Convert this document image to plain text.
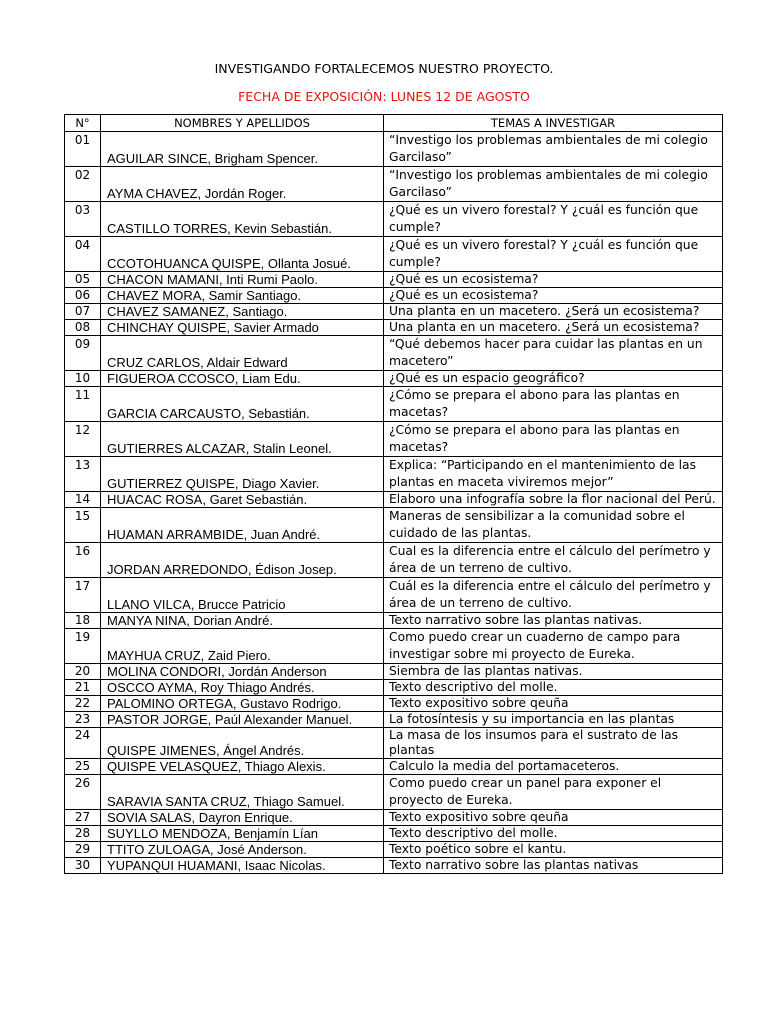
INVESTIGANDO FORTALECEMOS NUESTRO PROYECTO.
FECHA DE EXPOSICIÓN: LUNES 12 DE AGOSTO
N°	NOMBRES Y APELLIDOS	TEMAS A INVESTIGAR
01	AGUILAR SINCE, Brigham Spencer.	“Investigo los problemas ambientales de mi colegio Garcilaso”
02	AYMA CHAVEZ, Jordán Roger.	“Investigo los problemas ambientales de mi colegio Garcilaso”
03	CASTILLO TORRES, Kevin Sebastián.	¿Qué es un vivero forestal? Y ¿cuál es función que cumple?
04	CCOTOHUANCA QUISPE, Ollanta Josué.	¿Qué es un vivero forestal? Y ¿cuál es función que cumple?
05	CHACON MAMANI, Inti Rumi Paolo.	¿Qué es un ecosistema?
06	CHAVEZ MORA, Samir Santiago.	¿Qué es un ecosistema?
07	CHAVEZ SAMANEZ, Santiago.	Una planta en un macetero. ¿Será un ecosistema?
08	CHINCHAY QUISPE, Savier Armado	Una planta en un macetero. ¿Será un ecosistema?
09	CRUZ CARLOS, Aldair Edward	“Qué debemos hacer para cuidar las plantas en un macetero”
10	FIGUEROA CCOSCO, Liam Edu.	¿Qué es un espacio geográfico?
11	GARCIA CARCAUSTO, Sebastián.	¿Cómo se prepara el abono para las plantas en macetas?
12	GUTIERRES ALCAZAR, Stalin Leonel.	¿Cómo se prepara el abono para las plantas en macetas?
13	GUTIERREZ QUISPE, Diago Xavier.	Explica: “Participando en el mantenimiento de las plantas en maceta viviremos mejor”
14	HUACAC ROSA, Garet Sebastián.	Elaboro una infografía sobre la flor nacional del Perú.
15	HUAMAN ARRAMBIDE, Juan André.	Maneras de sensibilizar a la comunidad sobre el cuidado de las plantas.
16	JORDAN ARREDONDO, Édison Josep.	Cual es la diferencia entre el cálculo del perímetro y área de un terreno de cultivo.
17	LLANO VILCA, Brucce Patricio	Cuál es la diferencia entre el cálculo del perímetro y área de un terreno de cultivo.
18	MANYA NINA, Dorian André.	Texto narrativo sobre las plantas nativas.
19	MAYHUA CRUZ, Zaid Piero.	Como puedo crear un cuaderno de campo para investigar sobre mi proyecto de Eureka.
20	MOLINA CONDORI, Jordán Anderson	Siembra de las plantas nativas.
21	OSCCO AYMA, Roy Thiago Andrés.	Texto descriptivo del molle.
22	PALOMINO ORTEGA, Gustavo Rodrigo.	Texto expositivo sobre qeuña
23	PASTOR JORGE, Paúl Alexander Manuel.	La fotosíntesis y su importancia en las plantas
24	QUISPE JIMENES, Ángel Andrés.	La masa de los insumos para el sustrato de las plantas
25	QUISPE VELASQUEZ, Thiago Alexis.	Calculo la media del portamaceteros.
26	SARAVIA SANTA CRUZ, Thiago Samuel.	Como puedo crear un panel para exponer el proyecto de Eureka.
27	SOVIA SALAS, Dayron Enrique.	Texto expositivo sobre qeuña
28	SUYLLO MENDOZA, Benjamín Lían	Texto descriptivo del molle.
29	TTITO ZULOAGA, José Anderson.	Texto poético sobre el kantu.
30	YUPANQUI HUAMANI, Isaac Nicolas.	Texto narrativo sobre las plantas nativas
